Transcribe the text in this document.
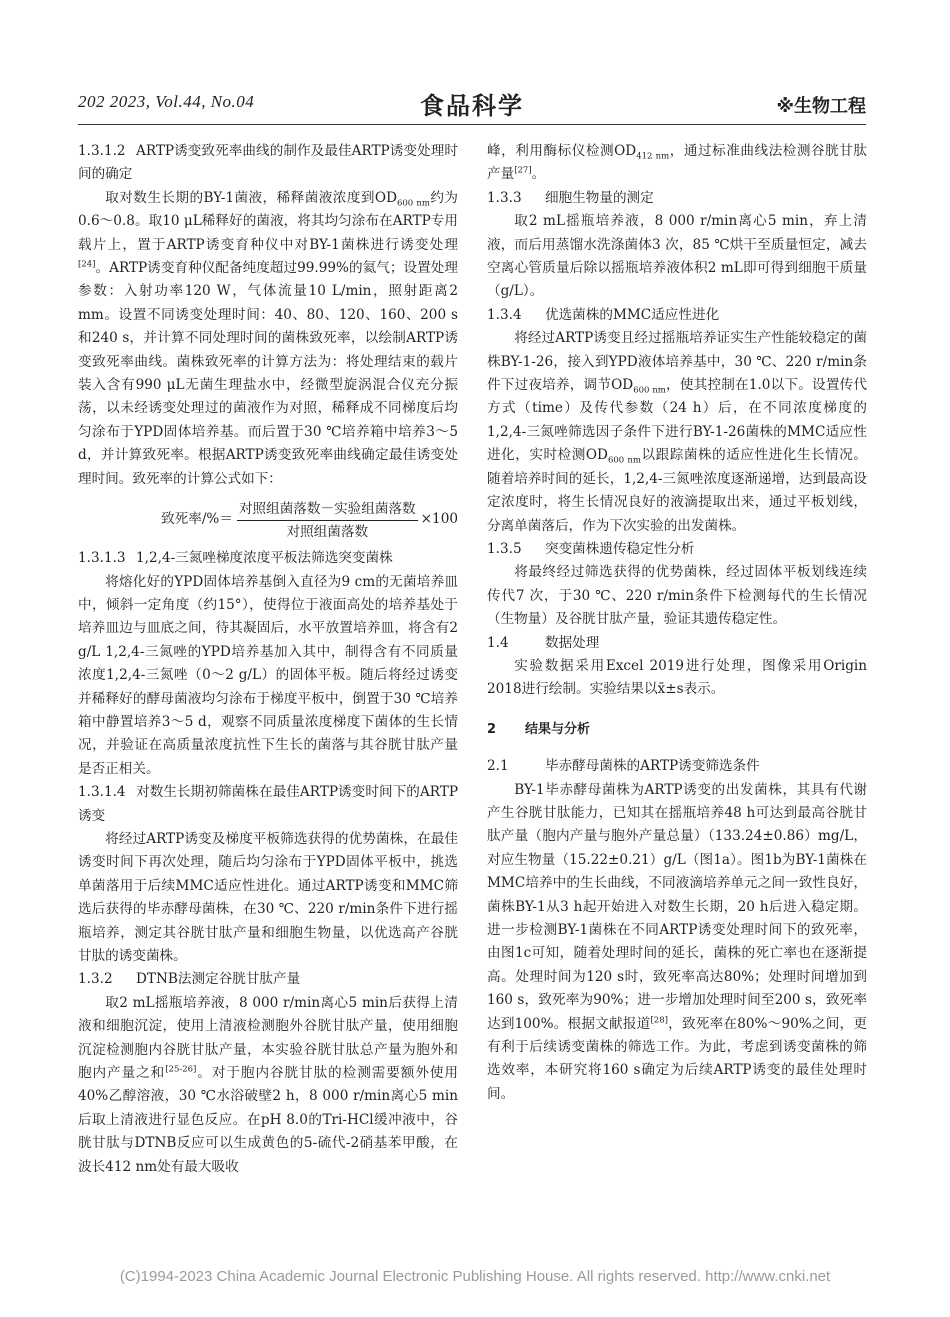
202 2023, Vol.44, No.04	食品科学	※生物工程

1.3.1.2 ARTP诱变致死率曲线的制作及最佳ARTP诱变处理时间的确定

取对数生长期的BY-1菌液，稀释菌液浓度到$OD_{600 nm}$约为0.6～0.8。取10 μL稀释好的菌液，将其均匀涂布在ARTP专用载片上，置于ARTP诱变育种仪中对BY-1菌株进行诱变处理[24]。ARTP诱变育种仪配备纯度超过99.99%的氦气；设置处理参数：入射功率120 W，气体流量10 L/min，照射距离2 mm。设置不同诱变处理时间：40、80、120、160、200 s和240 s，并计算不同处理时间的菌株致死率，以绘制ARTP诱变致死率曲线。菌株致死率的计算方法为：将处理结束的载片装入含有990 μL无菌生理盐水中，经微型旋涡混合仪充分振荡，以未经诱变处理过的菌液作为对照，稀释成不同梯度后均匀涂布于YPD固体培养基。而后置于30 ℃培养箱中培养3～5 d，并计算致死率。根据ARTP诱变致死率曲线确定最佳诱变处理时间。致死率的计算公式如下：

致死率/%＝ $\frac{\text{对照组菌落数－实验组菌落数}}{\text{对照组菌落数}} \times 100$

1.3.1.3 1,2,4-三氮唑梯度浓度平板法筛选突变菌株

将熔化好的YPD固体培养基倒入直径为9 cm的无菌培养皿中，倾斜一定角度（约15°），使得位于液面高处的培养基处于培养皿边与皿底之间，待其凝固后，水平放置培养皿，将含有2 g/L 1,2,4-三氮唑的YPD培养基加入其中，制得含有不同质量浓度1,2,4-三氮唑（0～2 g/L）的固体平板。随后将经过诱变并稀释好的酵母菌液均匀涂布于梯度平板中，倒置于30 ℃培养箱中静置培养3～5 d，观察不同质量浓度梯度下菌体的生长情况，并验证在高质量浓度抗性下生长的菌落与其谷胱甘肽产量是否正相关。

1.3.1.4 对数生长期初筛菌株在最佳ARTP诱变时间下的ARTP诱变

将经过ARTP诱变及梯度平板筛选获得的优势菌株，在最佳诱变时间下再次处理，随后均匀涂布于YPD固体平板中，挑选单菌落用于后续MMC适应性进化。通过ARTP诱变和MMC筛选后获得的毕赤酵母菌株，在30 ℃、220 r/min条件下进行摇瓶培养，测定其谷胱甘肽产量和细胞生物量，以优选高产谷胱甘肽的诱变菌株。

1.3.2 DTNB法测定谷胱甘肽产量

取2 mL摇瓶培养液，8 000 r/min离心5 min后获得上清液和细胞沉淀，使用上清液检测胞外谷胱甘肽产量，使用细胞沉淀检测胞内谷胱甘肽产量，本实验谷胱甘肽总产量为胞外和胞内产量之和[25-26]。对于胞内谷胱甘肽的检测需要额外使用40%乙醇溶液，30 ℃水浴破壁2 h，8 000 r/min离心5 min后取上清液进行显色反应。在pH 8.0的Tri-HCl缓冲液中，谷胱甘肽与DTNB反应可以生成黄色的5-硫代-2硝基苯甲酸，在波长412 nm处有最大吸收

峰，利用酶标仪检测$OD_{412 nm}$，通过标准曲线法检测谷胱甘肽产量[27]。

1.3.3 细胞生物量的测定

取2 mL摇瓶培养液，8 000 r/min离心5 min，弃上清液，而后用蒸馏水洗涤菌体3 次，85 ℃烘干至质量恒定，减去空离心管质量后除以摇瓶培养液体积2 mL即可得到细胞干质量（g/L）。

1.3.4 优选菌株的MMC适应性进化

将经过ARTP诱变且经过摇瓶培养证实生产性能较稳定的菌株BY-1-26，接入到YPD液体培养基中，30 ℃、220 r/min条件下过夜培养，调节$OD_{600 nm}$，使其控制在1.0以下。设置传代方式（time）及传代参数（24 h）后，在不同浓度梯度的1,2,4-三氮唑筛选因子条件下进行BY-1-26菌株的MMC适应性进化，实时检测$OD_{600 nm}$以跟踪菌株的适应性进化生长情况。随着培养时间的延长，1,2,4-三氮唑浓度逐渐递增，达到最高设定浓度时，将生长情况良好的液滴提取出来，通过平板划线，分离单菌落后，作为下次实验的出发菌株。

1.3.5 突变菌株遗传稳定性分析

将最终经过筛选获得的优势菌株，经过固体平板划线连续传代7 次，于30 ℃、220 r/min条件下检测每代的生长情况（生物量）及谷胱甘肽产量，验证其遗传稳定性。

1.4	数据处理

实验数据采用Excel 2019进行处理，图像采用Origin 2018进行绘制。实验结果以x̄±s表示。

2 结果与分析

2.1	毕赤酵母菌株的ARTP诱变筛选条件

BY-1毕赤酵母菌株为ARTP诱变的出发菌株，其具有代谢产生谷胱甘肽能力，已知其在摇瓶培养48 h可达到最高谷胱甘肽产量（胞内产量与胞外产量总量）（133.24±0.86）mg/L，对应生物量（15.22±0.21）g/L（图1a）。图1b为BY-1菌株在MMC培养中的生长曲线，不同液滴培养单元之间一致性良好，菌株BY-1从3 h起开始进入对数生长期，20 h后进入稳定期。进一步检测BY-1菌株在不同ARTP诱变处理时间下的致死率，由图1c可知，随着处理时间的延长，菌株的死亡率也在逐渐提高。处理时间为120 s时，致死率高达80%；处理时间增加到160 s，致死率为90%；进一步增加处理时间至200 s，致死率达到100%。根据文献报道[28]，致死率在80%～90%之间，更有利于后续诱变菌株的筛选工作。为此，考虑到诱变菌株的筛选效率，本研究将160 s确定为后续ARTP诱变的最佳处理时间。

(C)1994-2023 China Academic Journal Electronic Publishing House. All rights reserved. http://www.cnki.net
